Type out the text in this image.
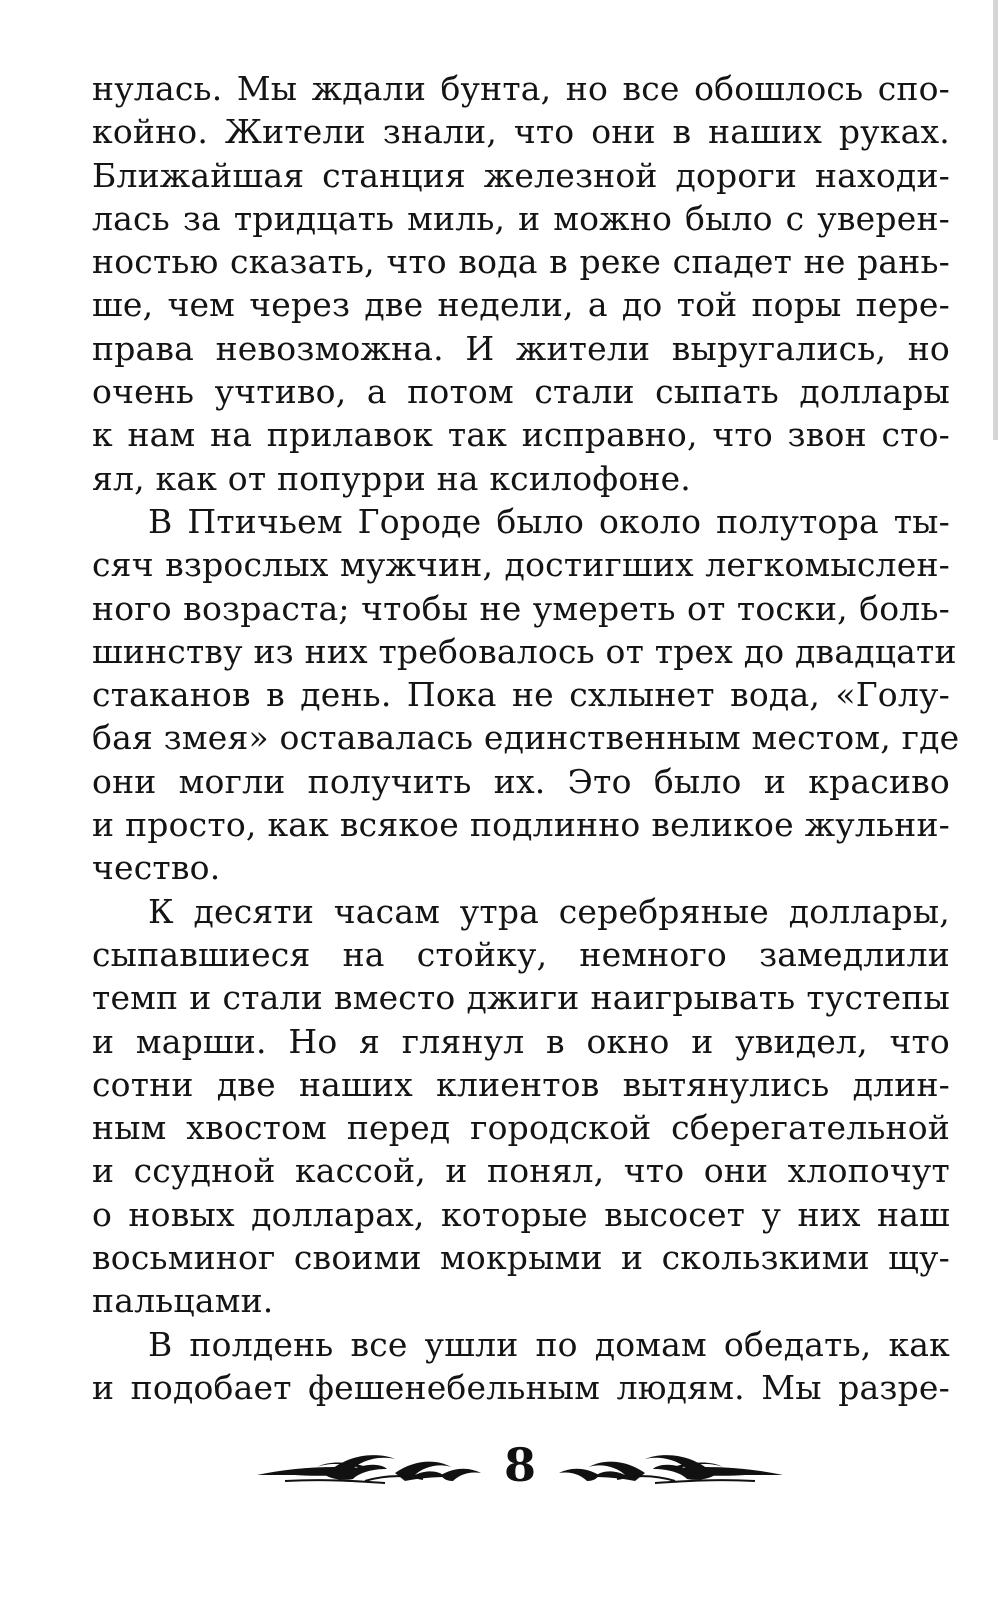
нулась. Мы ждали бунта, но все обошлось спо-
койно. Жители знали, что они в наших руках.
Ближайшая станция железной дороги находи-
лась за тридцать миль, и можно было с уверен-
ностью сказать, что вода в реке спадет не рань-
ше, чем через две недели, а до той поры пере-
права невозможна. И жители выругались, но
очень учтиво, а потом стали сыпать доллары
к нам на прилавок так исправно, что звон сто-
ял, как от попурри на ксилофоне.
В Птичьем Городе было около полутора ты-
сяч взрослых мужчин, достигших легкомыслен-
ного возраста; чтобы не умереть от тоски, боль-
шинству из них требовалось от трех до двадцати
стаканов в день. Пока не схлынет вода, «Голу-
бая змея» оставалась единственным местом, где
они могли получить их. Это было и красиво
и просто, как всякое подлинно великое жульни-
чество.
К десяти часам утра серебряные доллары,
сыпавшиеся на стойку, немного замедлили
темп и стали вместо джиги наигрывать тустепы
и марши. Но я глянул в окно и увидел, что
сотни две наших клиентов вытянулись длин-
ным хвостом перед городской сберегательной
и ссудной кассой, и понял, что они хлопочут
о новых долларах, которые высосет у них наш
восьминог своими мокрыми и скользкими щу-
пальцами.
В полдень все ушли по домам обедать, как
и подобает фешенебельным людям. Мы разре-
8
